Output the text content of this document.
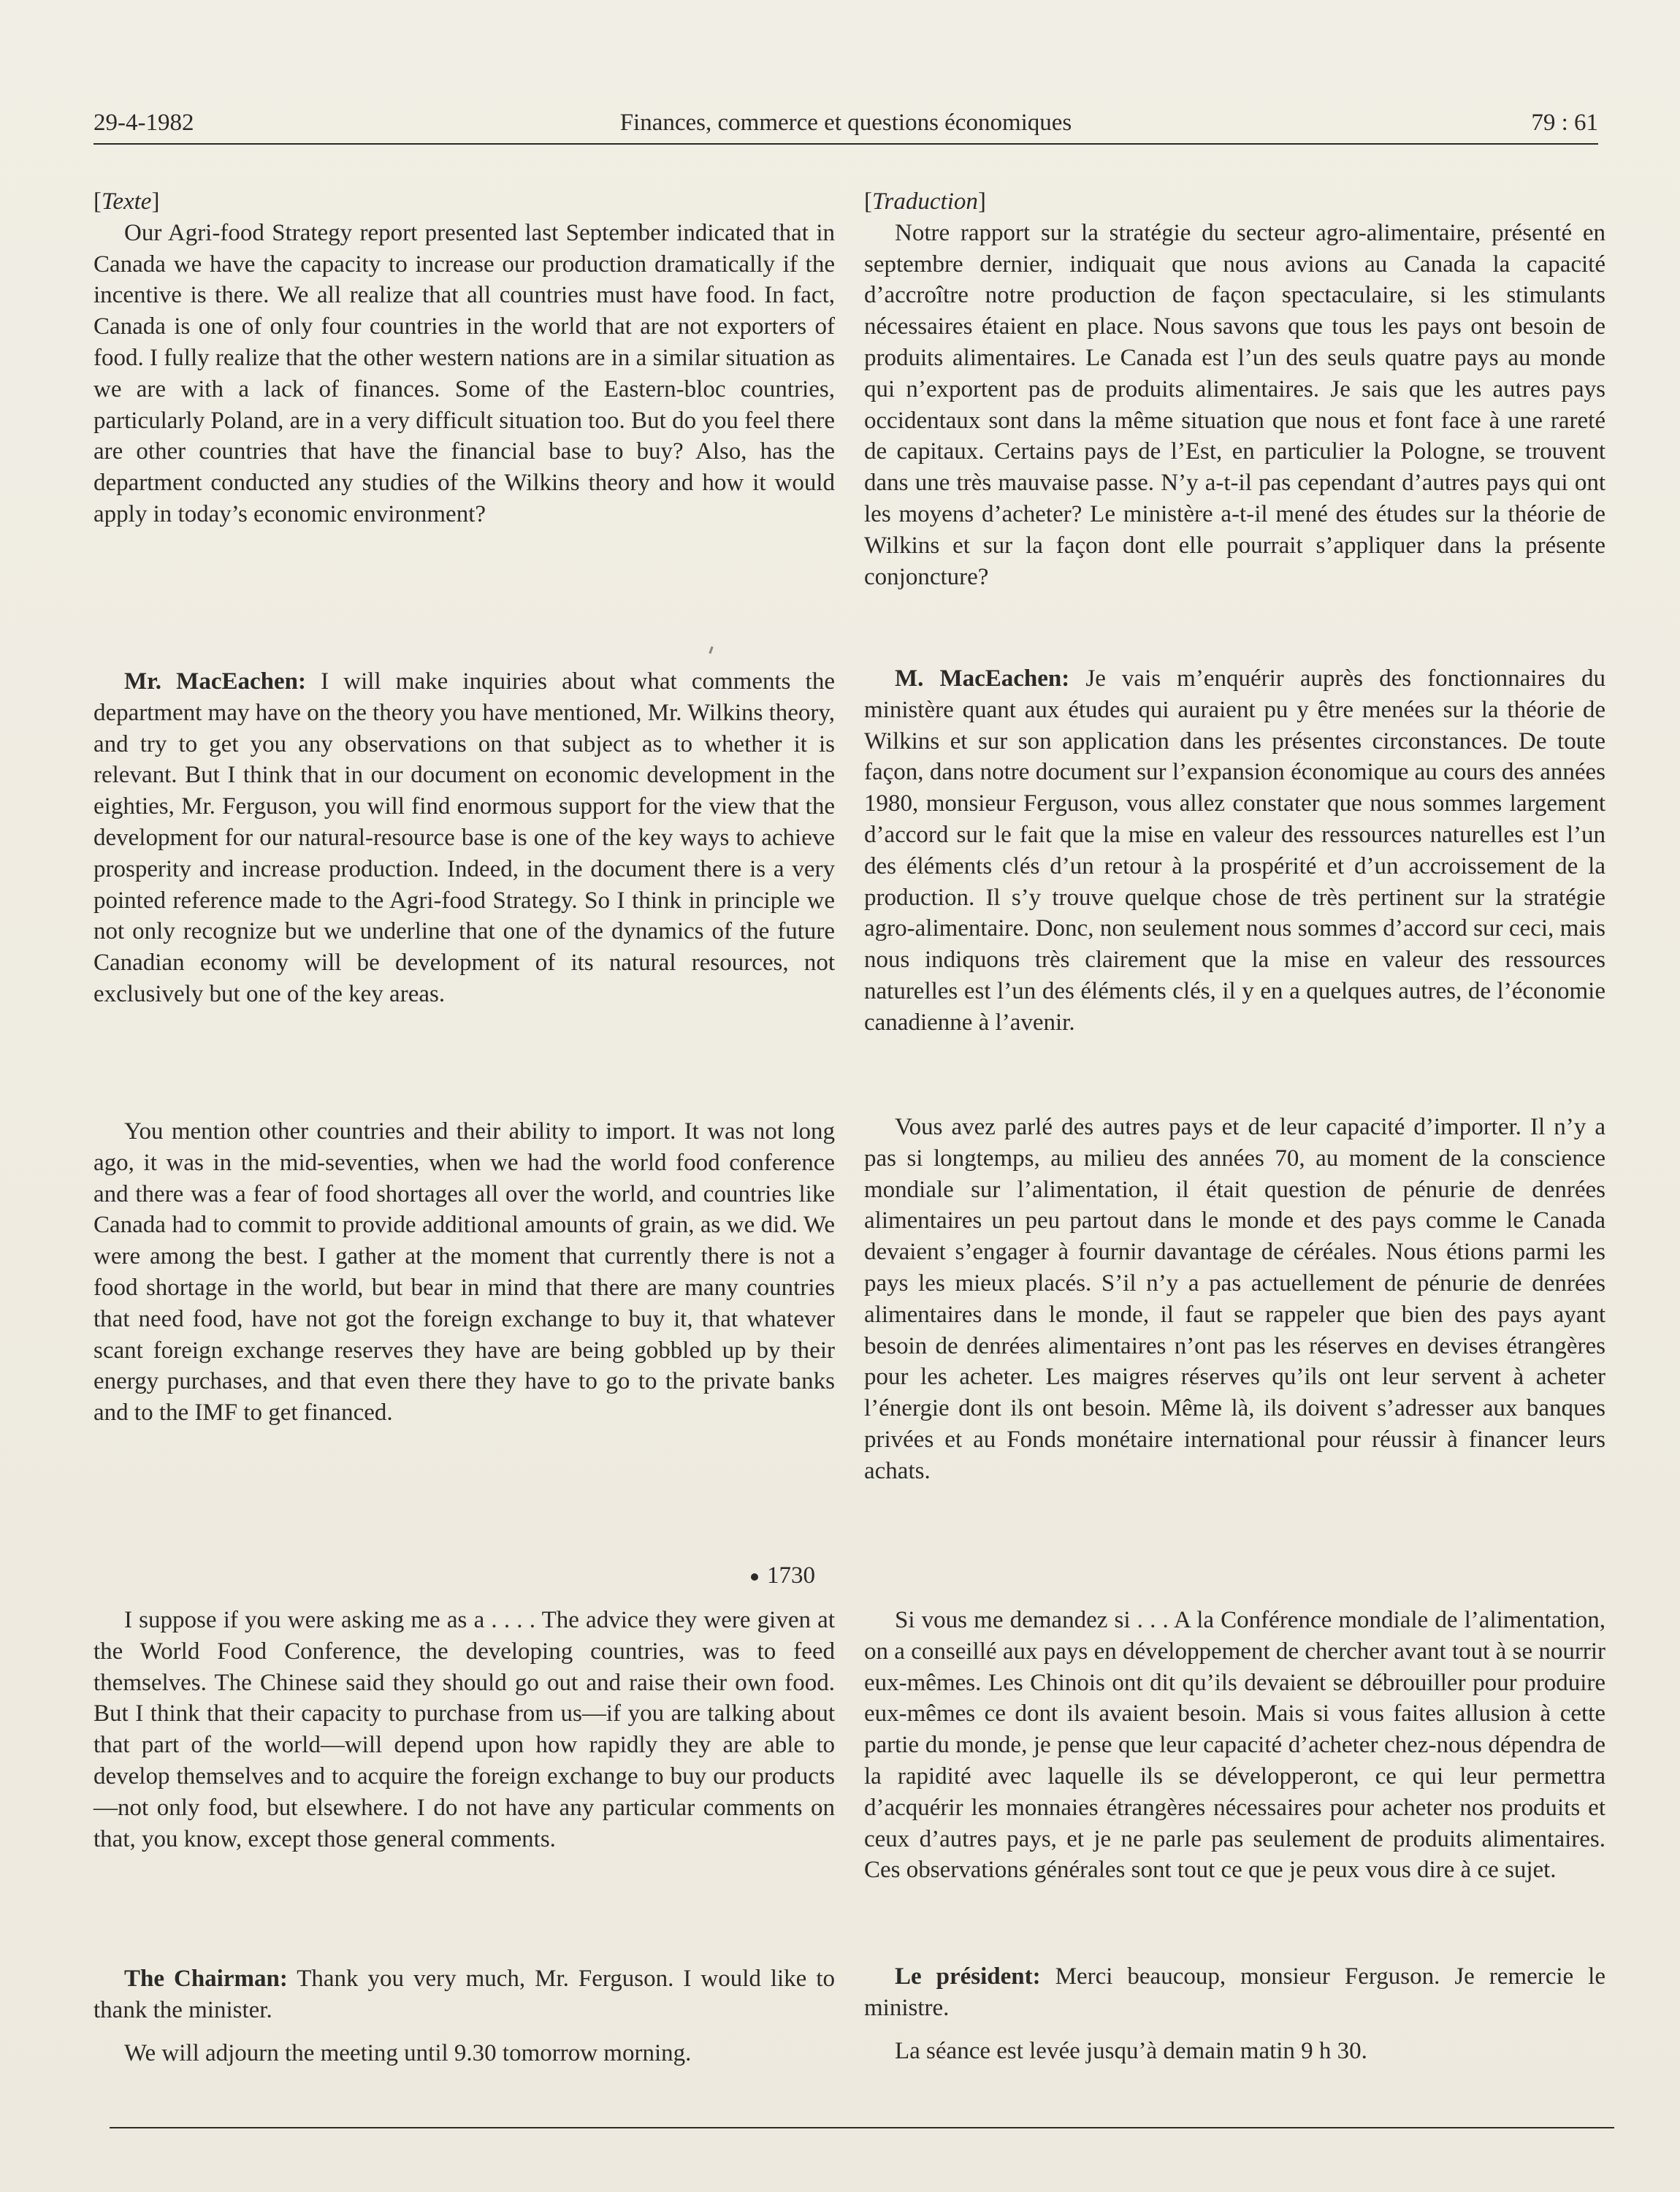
29-4-1982	Finances, commerce et questions économiques	79 : 61

[Texte]

Our Agri-food Strategy report presented last September indicated that in Canada we have the capacity to increase our production dramatically if the incentive is there. We all realize that all countries must have food. In fact, Canada is one of only four countries in the world that are not exporters of food. I fully realize that the other western nations are in a similar situation as we are with a lack of finances. Some of the Eastern-bloc countries, particularly Poland, are in a very difficult situation too. But do you feel there are other countries that have the financial base to buy? Also, has the department conducted any studies of the Wilkins theory and how it would apply in today’s economic environment?

Mr. MacEachen: I will make inquiries about what comments the department may have on the theory you have mentioned, Mr. Wilkins theory, and try to get you any observations on that subject as to whether it is relevant. But I think that in our document on economic development in the eighties, Mr. Ferguson, you will find enormous support for the view that the development for our natural-resource base is one of the key ways to achieve prosperity and increase production. Indeed, in the document there is a very pointed reference made to the Agri-food Strategy. So I think in principle we not only recognize but we underline that one of the dynamics of the future Canadian economy will be development of its natural resources, not exclusively but one of the key areas.

You mention other countries and their ability to import. It was not long ago, it was in the mid-seventies, when we had the world food conference and there was a fear of food shortages all over the world, and countries like Canada had to commit to provide additional amounts of grain, as we did. We were among the best. I gather at the moment that currently there is not a food shortage in the world, but bear in mind that there are many countries that need food, have not got the foreign exchange to buy it, that whatever scant foreign exchange reserves they have are being gobbled up by their energy purchases, and that even there they have to go to the private banks and to the IMF to get financed.

1730

I suppose if you were asking me as a . . . . The advice they were given at the World Food Conference, the developing countries, was to feed themselves. The Chinese said they should go out and raise their own food. But I think that their capacity to purchase from us—if you are talking about that part of the world—will depend upon how rapidly they are able to develop themselves and to acquire the foreign exchange to buy our products—not only food, but elsewhere. I do not have any particular comments on that, you know, except those general comments.

The Chairman: Thank you very much, Mr. Ferguson. I would like to thank the minister.

We will adjourn the meeting until 9.30 tomorrow morning.

[Traduction]

Notre rapport sur la stratégie du secteur agro-alimentaire, présenté en septembre dernier, indiquait que nous avions au Canada la capacité d’accroître notre production de façon spectaculaire, si les stimulants nécessaires étaient en place. Nous savons que tous les pays ont besoin de produits alimentaires. Le Canada est l’un des seuls quatre pays au monde qui n’exportent pas de produits alimentaires. Je sais que les autres pays occidentaux sont dans la même situation que nous et font face à une rareté de capitaux. Certains pays de l’Est, en particulier la Pologne, se trouvent dans une très mauvaise passe. N’y a-t-il pas cependant d’autres pays qui ont les moyens d’acheter? Le ministère a-t-il mené des études sur la théorie de Wilkins et sur la façon dont elle pourrait s’appliquer dans la présente conjoncture?

M. MacEachen: Je vais m’enquérir auprès des fonctionnaires du ministère quant aux études qui auraient pu y être menées sur la théorie de Wilkins et sur son application dans les présentes circonstances. De toute façon, dans notre document sur l’expansion économique au cours des années 1980, monsieur Ferguson, vous allez constater que nous sommes largement d’accord sur le fait que la mise en valeur des ressources naturelles est l’un des éléments clés d’un retour à la prospérité et d’un accroissement de la production. Il s’y trouve quelque chose de très pertinent sur la stratégie agro-alimentaire. Donc, non seulement nous sommes d’accord sur ceci, mais nous indiquons très clairement que la mise en valeur des ressources naturelles est l’un des éléments clés, il y en a quelques autres, de l’économie canadienne à l’avenir.

Vous avez parlé des autres pays et de leur capacité d’importer. Il n’y a pas si longtemps, au milieu des années 70, au moment de la conscience mondiale sur l’alimentation, il était question de pénurie de denrées alimentaires un peu partout dans le monde et des pays comme le Canada devaient s’engager à fournir davantage de céréales. Nous étions parmi les pays les mieux placés. S’il n’y a pas actuellement de pénurie de denrées alimentaires dans le monde, il faut se rappeler que bien des pays ayant besoin de denrées alimentaires n’ont pas les réserves en devises étrangères pour les acheter. Les maigres réserves qu’ils ont leur servent à acheter l’énergie dont ils ont besoin. Même là, ils doivent s’adresser aux banques privées et au Fonds monétaire international pour réussir à financer leurs achats.

Si vous me demandez si . . . A la Conférence mondiale de l’alimentation, on a conseillé aux pays en développement de chercher avant tout à se nourrir eux-mêmes. Les Chinois ont dit qu’ils devaient se débrouiller pour produire eux-mêmes ce dont ils avaient besoin. Mais si vous faites allusion à cette partie du monde, je pense que leur capacité d’acheter chez-nous dépendra de la rapidité avec laquelle ils se développeront, ce qui leur permettra d’acquérir les monnaies étrangères nécessaires pour acheter nos produits et ceux d’autres pays, et je ne parle pas seulement de produits alimentaires. Ces observations générales sont tout ce que je peux vous dire à ce sujet.

Le président: Merci beaucoup, monsieur Ferguson. Je remercie le ministre.

La séance est levée jusqu’à demain matin 9 h 30.
